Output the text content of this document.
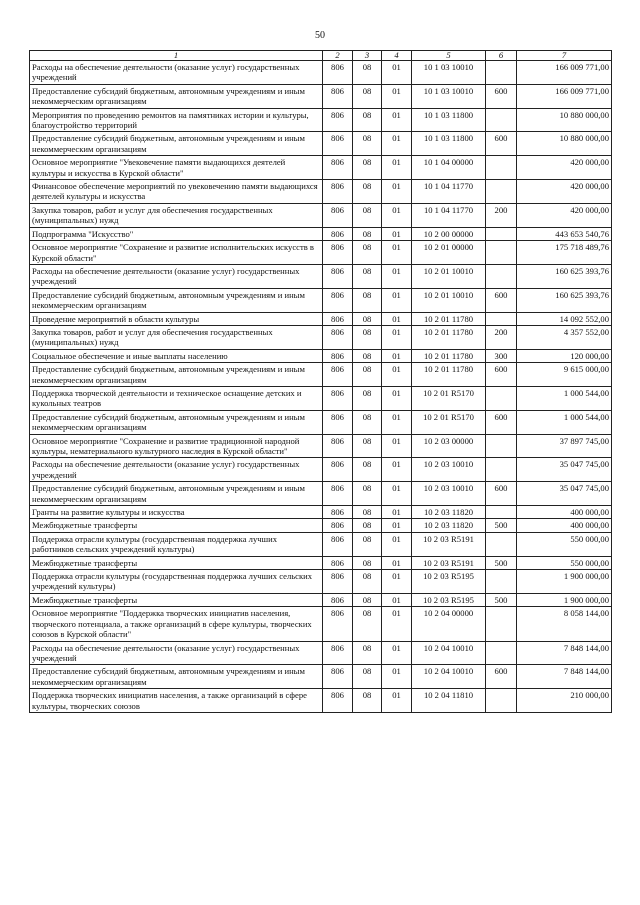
50
1	2	3	4	5	6	7
Расходы на обеспечение деятельности (оказание услуг) государственных учреждений	806	08	01	10 1 03 10010		166 009 771,00
Предоставление субсидий бюджетным, автономным учреждениям и иным некоммерческим организациям	806	08	01	10 1 03 10010	600	166 009 771,00
Мероприятия по проведению ремонтов на памятниках истории и культуры, благоустройство территорий	806	08	01	10 1 03 11800		10 880 000,00
Предоставление субсидий бюджетным, автономным учреждениям и иным некоммерческим организациям	806	08	01	10 1 03 11800	600	10 880 000,00
Основное мероприятие "Увековечение памяти выдающихся деятелей культуры и искусства в Курской области"	806	08	01	10 1 04 00000		420 000,00
Финансовое обеспечение мероприятий по увековечению памяти выдающихся деятелей культуры и искусства	806	08	01	10 1 04 11770		420 000,00
Закупка товаров, работ и услуг для обеспечения государственных (муниципальных) нужд	806	08	01	10 1 04 11770	200	420 000,00
Подпрограмма "Искусство"	806	08	01	10 2 00 00000		443 653 540,76
Основное мероприятие "Сохранение и развитие исполнительских искусств в Курской области"	806	08	01	10 2 01 00000		175 718 489,76
Расходы на обеспечение деятельности (оказание услуг) государственных учреждений	806	08	01	10 2 01 10010		160 625 393,76
Предоставление субсидий бюджетным, автономным учреждениям и иным некоммерческим организациям	806	08	01	10 2 01 10010	600	160 625 393,76
Проведение мероприятий в области культуры	806	08	01	10 2 01 11780		14 092 552,00
Закупка товаров, работ и услуг для обеспечения государственных (муниципальных) нужд	806	08	01	10 2 01 11780	200	4 357 552,00
Социальное обеспечение и иные выплаты населению	806	08	01	10 2 01 11780	300	120 000,00
Предоставление субсидий бюджетным, автономным учреждениям и иным некоммерческим организациям	806	08	01	10 2 01 11780	600	9 615 000,00
Поддержка творческой деятельности и техническое оснащение детских и кукольных театров	806	08	01	10 2 01 R5170		1 000 544,00
Предоставление субсидий бюджетным, автономным учреждениям и иным некоммерческим организациям	806	08	01	10 2 01 R5170	600	1 000 544,00
Основное мероприятие "Сохранение и развитие традиционной народной культуры, нематериального культурного наследия в Курской области"	806	08	01	10 2 03 00000		37 897 745,00
Расходы на обеспечение деятельности (оказание услуг) государственных учреждений	806	08	01	10 2 03 10010		35 047 745,00
Предоставление субсидий бюджетным, автономным учреждениям и иным некоммерческим организациям	806	08	01	10 2 03 10010	600	35 047 745,00
Гранты на развитие культуры и искусства	806	08	01	10 2 03 11820		400 000,00
Межбюджетные трансферты	806	08	01	10 2 03 11820	500	400 000,00
Поддержка отрасли культуры (государственная поддержка лучших работников сельских учреждений культуры)	806	08	01	10 2 03 R5191		550 000,00
Межбюджетные трансферты	806	08	01	10 2 03 R5191	500	550 000,00
Поддержка отрасли культуры (государственная поддержка лучших сельских учреждений культуры)	806	08	01	10 2 03 R5195		1 900 000,00
Межбюджетные трансферты	806	08	01	10 2 03 R5195	500	1 900 000,00
Основное мероприятие "Поддержка творческих инициатив населения, творческого потенциала, а также организаций в сфере культуры, творческих союзов в Курской области"	806	08	01	10 2 04 00000		8 058 144,00
Расходы на обеспечение деятельности (оказание услуг) государственных учреждений	806	08	01	10 2 04 10010		7 848 144,00
Предоставление субсидий бюджетным, автономным учреждениям и иным некоммерческим организациям	806	08	01	10 2 04 10010	600	7 848 144,00
Поддержка творческих инициатив населения, а также организаций в сфере культуры, творческих союзов	806	08	01	10 2 04 11810		210 000,00
